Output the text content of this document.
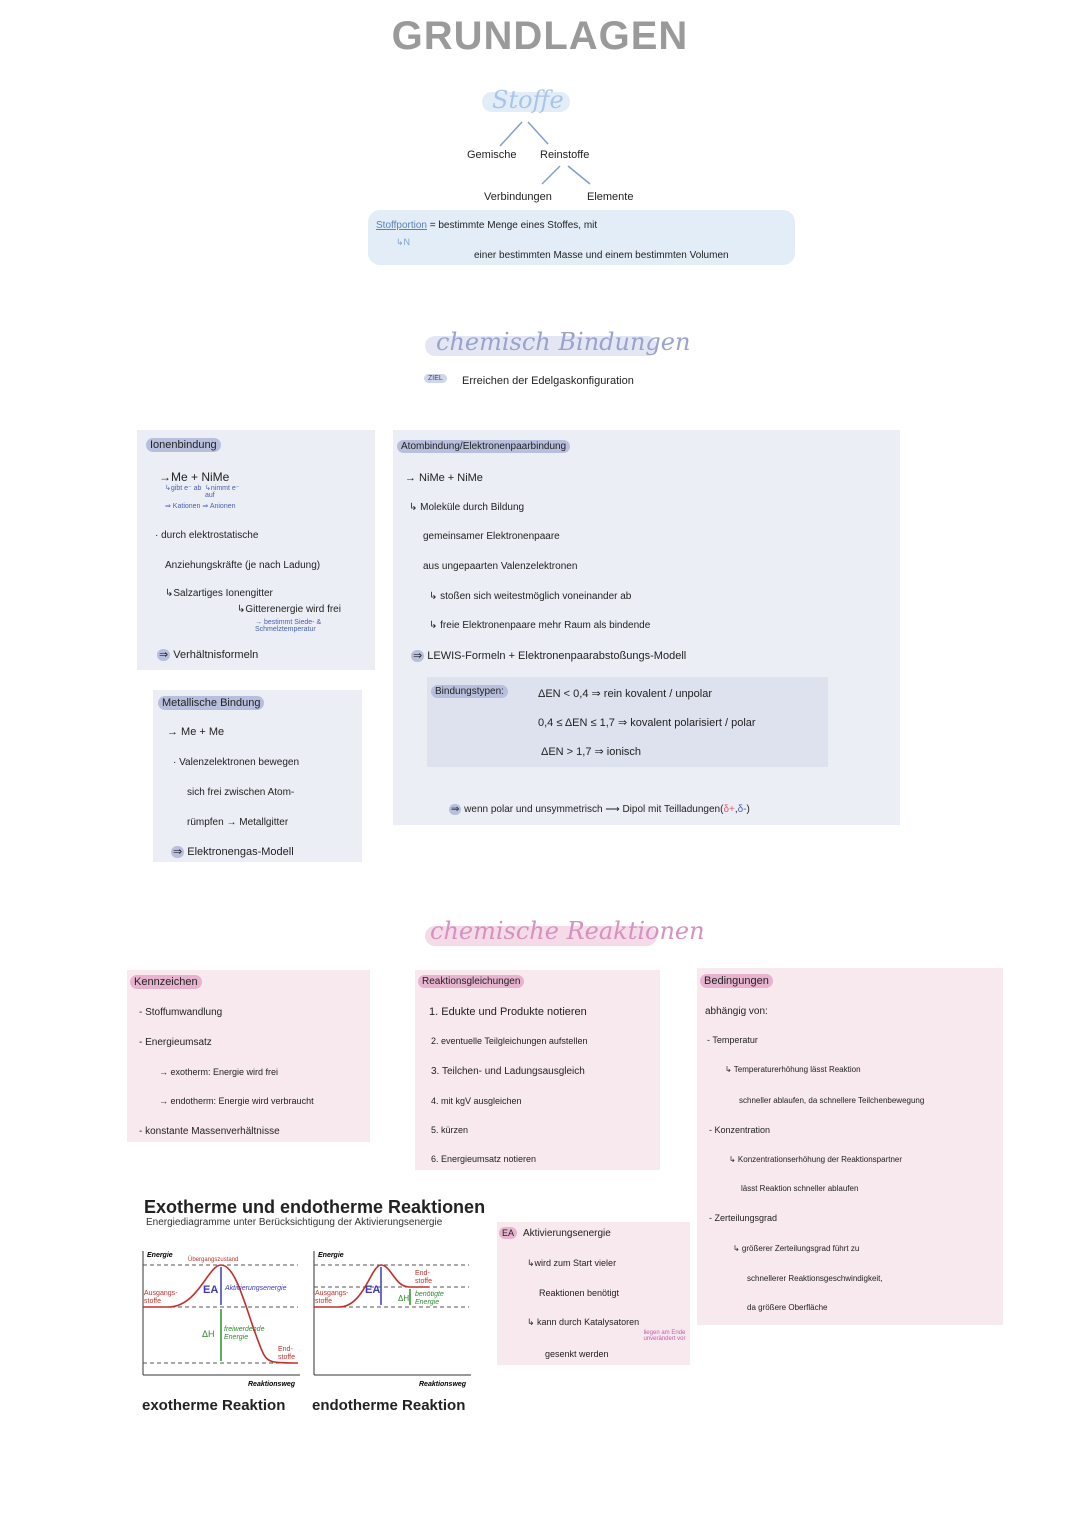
GRUNDLAGEN
Stoffe
Gemische Reinstoffe
Verbindungen	Elemente
Stoffportion = bestimmte Menge eines Stoffes, mit
↳N
einer bestimmten Masse und einem bestimmten Volumen
chemisch Bindungen
ZIEL	Erreichen der Edelgaskonfiguration
Ionenbindung
→Me + NiMe
↳gibt e⁻ ab ↳nimmt e⁻ auf
⇒ Kationen ⇒ Anionen
· durch elektrostatische
Anziehungskräfte (je nach Ladung)
↳Salzartiges Ionengitter
↳Gitterenergie wird frei
→ bestimmt Siede- & Schmelztemperatur
⇒ Verhältnisformeln
Metallische Bindung
→ Me + Me
· Valenzelektronen bewegen
sich frei zwischen Atom-
rümpfen → Metallgitter
⇒ Elektronengas-Modell
Atombindung/Elektronenpaarbindung
→ NiMe + NiMe
↳ Moleküle durch Bildung
gemeinsamer Elektronenpaare
aus ungepaarten Valenzelektronen
↳ stoßen sich weitestmöglich voneinander ab
↳ freie Elektronenpaare mehr Raum als bindende
⇒ LEWIS-Formeln + Elektronenpaarabstoßungs-Modell
Bindungstypen:	ΔEN < 0,4 ⇒ rein kovalent / unpolar
0,4 ≤ ΔEN ≤ 1,7 ⇒ kovalent polarisiert / polar
ΔEN > 1,7 ⇒ ionisch
⇒ wenn polar und unsymmetrisch ⟶ Dipol mit Teilladungen(δ+,δ-)
chemische Reaktionen
Kennzeichen
- Stoffumwandlung
- Energieumsatz
→ exotherm: Energie wird frei
→ endotherm: Energie wird verbraucht
- konstante Massenverhältnisse
Reaktionsgleichungen
1. Edukte und Produkte notieren
2. eventuelle Teilgleichungen aufstellen
3. Teilchen- und Ladungsausgleich
4. mit kgV ausgleichen
5. kürzen
6. Energieumsatz notieren
Bedingungen
abhängig von:
- Temperatur
↳ Temperaturerhöhung lässt Reaktion
schneller ablaufen, da schnellere Teilchenbewegung
- Konzentration
↳ Konzentrationserhöhung der Reaktionspartner
lässt Reaktion schneller ablaufen
- Zerteilungsgrad
↳ größerer Zerteilungsgrad führt zu
schnellerer Reaktionsgeschwindigkeit,
da größere Oberfläche
EA Aktivierungsenergie
↳wird zum Start vieler
Reaktionen benötigt
↳ kann durch Katalysatoren
liegen am Ende unverändert vor
gesenkt werden
Exotherme und endotherme Reaktionen
Energiediagramme unter Berücksichtigung der Aktivierungsenergie
Energie
Übergangszustand
EA Aktivierungsenergie
Ausgangs-
stoffe
ΔH freiwerdende
Energie
End-
stoffe
Reaktionsweg
Energie
EA
Ausgangs-
stoffe
End-
stoffe
ΔH benötigte
Energie
Reaktionsweg
exotherme Reaktion endotherme Reaktion
